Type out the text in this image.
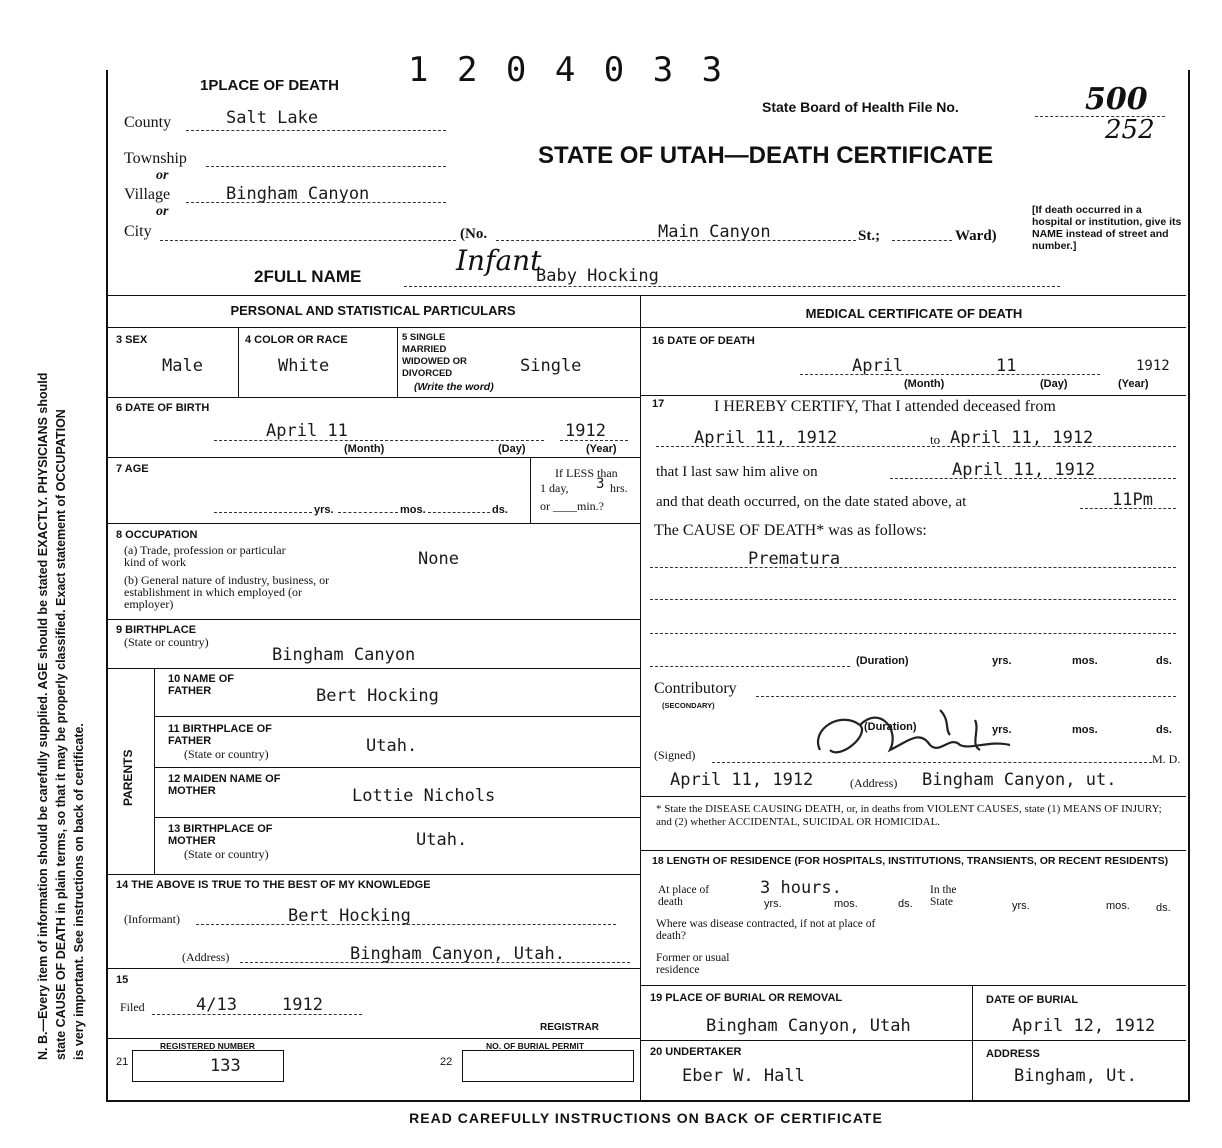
N. B.—Every item of information should be carefully supplied. AGE should be stated EXACTLY. PHYSICIANS should state CAUSE OF DEATH in plain terms, so that it may be properly classified. Exact statement of OCCUPATION is very important. See instructions on back of certificate.
1 2 0 4 0 3 3
1PLACE OF DEATH
State Board of Health File No.	500
252
STATE OF UTAH—DEATH CERTIFICATE
County	Salt Lake
Township
or
Village	Bingham Canyon
or
City	(No.	Main Canyon	St.;	Ward)
[If death occurred in a hospital or institution, give its NAME instead of street and number.]
2FULL NAME	Baby Hocking
Infant
PERSONAL AND STATISTICAL PARTICULARS	MEDICAL CERTIFICATE OF DEATH
3 SEX
Male
4 COLOR OR RACE
White
5 SINGLE MARRIED WIDOWED OR DIVORCED
(Write the word)
Single
6 DATE OF BIRTH
April 11	1912
(Month)	(Day)	(Year)
7 AGE
yrs.	mos.	ds.
If LESS than
1 day, 3 hrs.
or ____min.?
8 OCCUPATION
(a) Trade, profession or particular kind of work	None
(b) General nature of industry, business, or establishment in which employed (or employer)
9 BIRTHPLACE
(State or country)
Bingham Canyon
PARENTS
10 NAME OF FATHER	Bert Hocking
11 BIRTHPLACE OF FATHER
(State or country)	Utah.
12 MAIDEN NAME OF MOTHER	Lottie Nichols
13 BIRTHPLACE OF MOTHER
(State or country)
Utah.
14 THE ABOVE IS TRUE TO THE BEST OF MY KNOWLEDGE
(Informant)	Bert Hocking
(Address)	Bingham Canyon, Utah.
15
Filed	4/13	1912
REGISTRAR
21
REGISTERED NUMBER
133	22
NO. OF BURIAL PERMIT
16 DATE OF DEATH
April	11	1912
(Month)	(Day)	(Year)
17	I HEREBY CERTIFY, That I attended deceased from
April 11, 1912	to April 11, 1912
that I last saw him alive on	April 11, 1912
and that death occurred, on the date stated above, at	11Pm
The CAUSE OF DEATH* was as follows:
Prematura
(Duration)	yrs.	mos.	ds.
Contributory
(SECONDARY)
(Duration)	yrs.	mos.	ds.
(Signed)	M. D.
April 11, 1912	(Address) Bingham Canyon, ut.
* State the DISEASE CAUSING DEATH, or, in deaths from VIOLENT CAUSES, state (1) MEANS OF INJURY; and (2) whether ACCIDENTAL, SUICIDAL OR HOMICIDAL.
18 LENGTH OF RESIDENCE (FOR HOSPITALS, INSTITUTIONS, TRANSIENTS, OR RECENT RESIDENTS)
At place of death
3 hours.
yrs.	mos.	ds.
In the State	yrs.	mos. ds.
Where was disease contracted, if not at place of death?
Former or usual residence
19 PLACE OF BURIAL OR REMOVAL
Bingham Canyon, Utah
DATE OF BURIAL
April 12, 1912
20 UNDERTAKER
Eber W. Hall
ADDRESS
Bingham, Ut.
READ CAREFULLY INSTRUCTIONS ON BACK OF CERTIFICATE
